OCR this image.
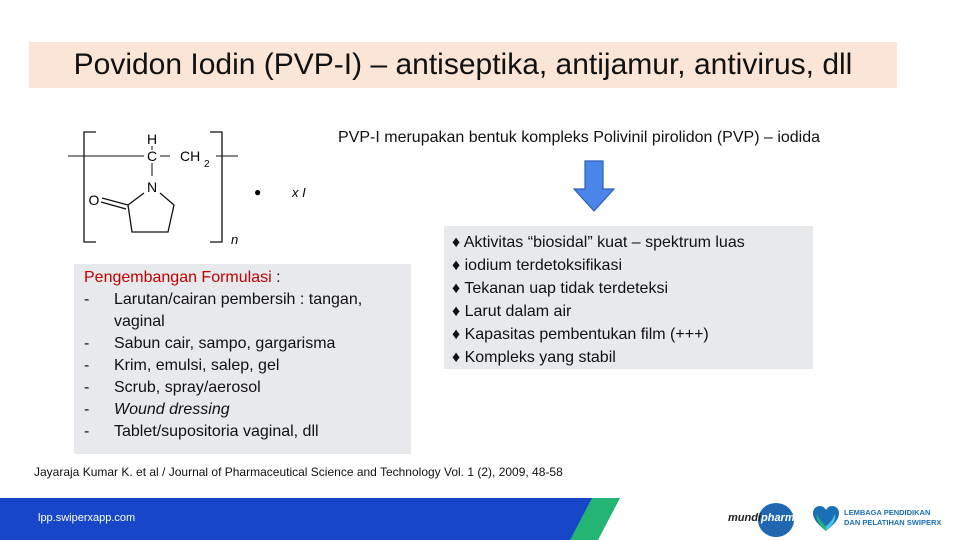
Povidon Iodin (PVP-I) – antiseptika, antijamur, antivirus, dll
H
C CH
2
N
O
n
● x I
PVP-I merupakan bentuk kompleks Polivinil pirolidon (PVP) – iodida
♦ Aktivitas “biosidal” kuat – spektrum luas
♦ iodium terdetoksifikasi
♦ Tekanan uap tidak terdeteksi
♦ Larut dalam air
♦ Kapasitas pembentukan film (+++)
♦ Kompleks yang stabil
Pengembangan Formulasi :
- Larutan/cairan pembersih : tangan, vaginal
- Sabun cair, sampo, gargarisma
- Krim, emulsi, salep, gel
- Scrub, spray/aerosol
- Wound dressing
- Tablet/supositoria vaginal, dll
Jayaraja Kumar K. et al / Journal of Pharmaceutical Science and Technology Vol. 1 (2), 2009, 48-58
lpp.swiperxapp.com	mundipharma	LEMBAGA PENDIDIKAN
DAN PELATIHAN SWIPERX
